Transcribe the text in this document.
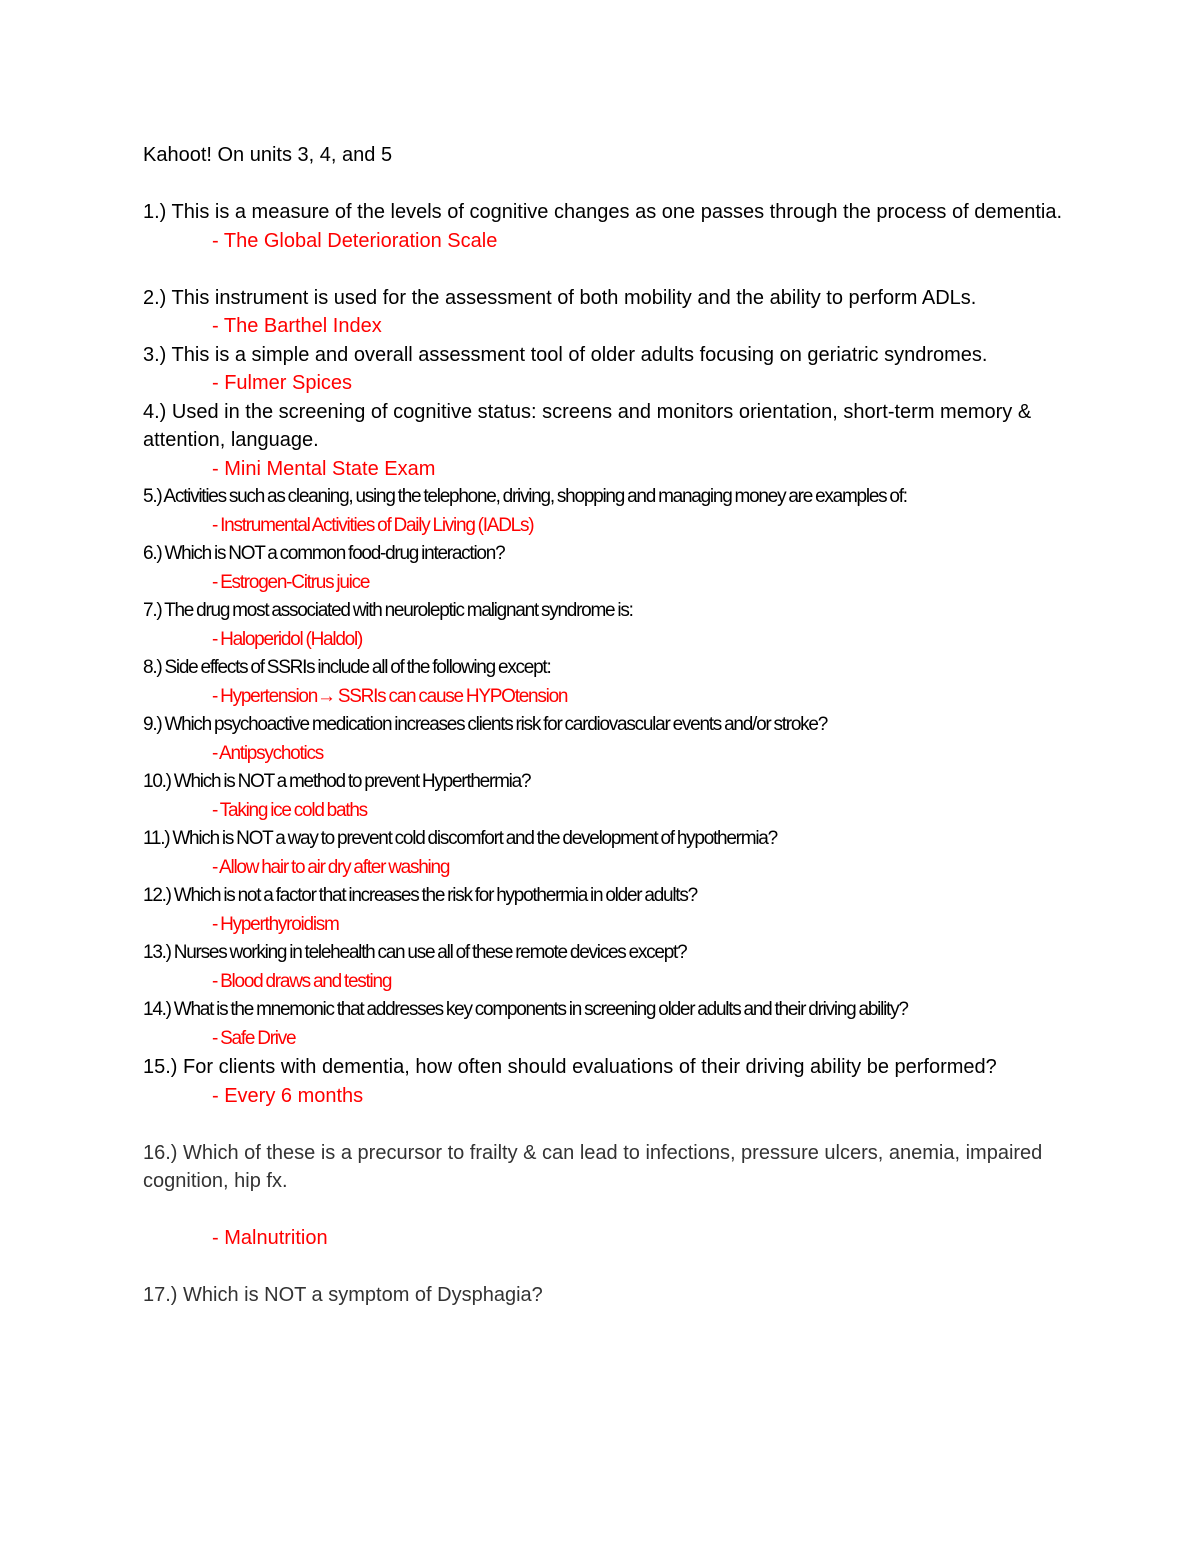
Kahoot! On units 3, 4, and 5

1.) This is a measure of the levels of cognitive changes as one passes through the process of dementia.

- The Global Deterioration Scale

2.) This instrument is used for the assessment of both mobility and the ability to perform ADLs.

- The Barthel Index

3.) This is a simple and overall assessment tool of older adults focusing on geriatric syndromes.

- Fulmer Spices

4.) Used in the screening of cognitive status: screens and monitors orientation, short-term memory & attention, language.

- Mini Mental State Exam

5.) Activities such as cleaning, using the telephone, driving, shopping and managing money are examples of:

- Instrumental Activities of Daily Living (IADLs)

6.) Which is NOT a common food-drug interaction?

- Estrogen-Citrus juice

7.) The drug most associated with neuroleptic malignant syndrome is:

- Haloperidol (Haldol)

8.) Side effects of SSRIs include all of the following except:

- Hypertension→ SSRIs can cause HYPOtension

9.) Which psychoactive medication increases clients risk for cardiovascular events and/or stroke?

- Antipsychotics

10.) Which is NOT a method to prevent Hyperthermia?

- Taking ice cold baths

11.) Which is NOT a way to prevent cold discomfort and the development of hypothermia?

- Allow hair to air dry after washing

12.) Which is not a factor that increases the risk for hypothermia in older adults?

- Hyperthyroidism

13.) Nurses working in telehealth can use all of these remote devices except?

- Blood draws and testing

14.) What is the mnemonic that addresses key components in screening older adults and their driving ability?

- Safe Drive

15.) For clients with dementia, how often should evaluations of their driving ability be performed?

- Every 6 months

16.) Which of these is a precursor to frailty & can lead to infections, pressure ulcers, anemia, impaired cognition, hip fx.

- Malnutrition

17.) Which is NOT a symptom of Dysphagia?
